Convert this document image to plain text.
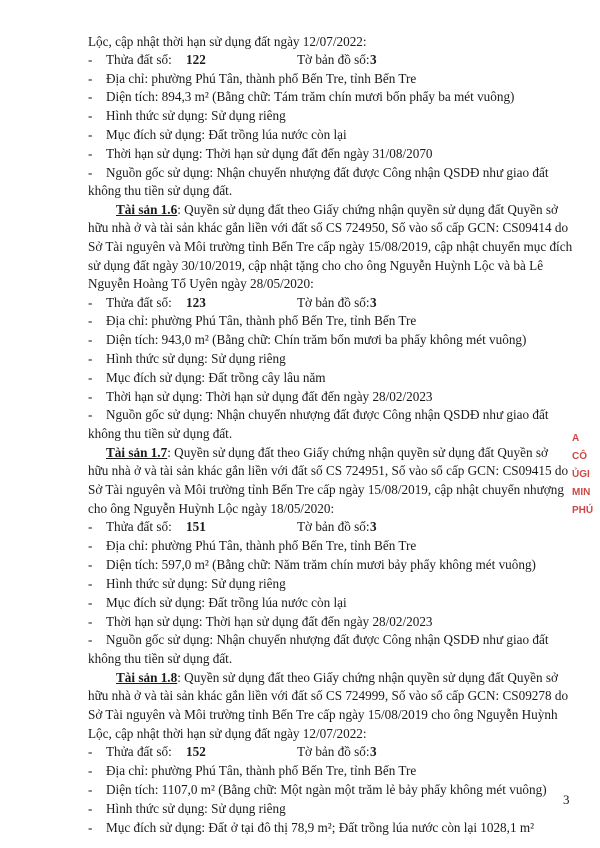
Lộc, cập nhật thời hạn sử dụng đất ngày 12/07/2022:
- Thửa đất số: 122	Tờ bản đồ số: 3
- Địa chỉ: phường Phú Tân, thành phố Bến Tre, tỉnh Bến Tre
- Diện tích: 894,3 m² (Bằng chữ: Tám trăm chín mươi bốn phẩy ba mét vuông)
- Hình thức sử dụng: Sử dụng riêng
- Mục đích sử dụng: Đất trồng lúa nước còn lại
- Thời hạn sử dụng: Thời hạn sử dụng đất đến ngày 31/08/2070
- Nguồn gốc sử dụng: Nhận chuyển nhượng đất được Công nhận QSDĐ như giao đất
không thu tiền sử dụng đất.
Tài sản 1.6: Quyền sử dụng đất theo Giấy chứng nhận quyền sử dụng đất Quyền sở
hữu nhà ở và tài sản khác gắn liền với đất số CS 724950, Số vào sổ cấp GCN: CS09414 do
Sở Tài nguyên và Môi trường tỉnh Bến Tre cấp ngày 15/08/2019, cập nhật chuyển mục đích
sử dụng đất ngày 30/10/2019, cập nhật tặng cho cho ông Nguyễn Huỳnh Lộc và bà Lê
Nguyễn Hoàng Tố Uyên ngày 28/05/2020:
- Thửa đất số: 123	Tờ bản đồ số: 3
- Địa chỉ: phường Phú Tân, thành phố Bến Tre, tỉnh Bến Tre
- Diện tích: 943,0 m² (Bằng chữ: Chín trăm bốn mươi ba phẩy không mét vuông)
- Hình thức sử dụng: Sử dụng riêng
- Mục đích sử dụng: Đất trồng cây lâu năm
- Thời hạn sử dụng: Thời hạn sử dụng đất đến ngày 28/02/2023
- Nguồn gốc sử dụng: Nhận chuyển nhượng đất được Công nhận QSDĐ như giao đất
không thu tiền sử dụng đất.
Tài sản 1.7: Quyền sử dụng đất theo Giấy chứng nhận quyền sử dụng đất Quyền sở
hữu nhà ở và tài sản khác gắn liền với đất số CS 724951, Số vào sổ cấp GCN: CS09415 do
Sở Tài nguyên và Môi trường tỉnh Bến Tre cấp ngày 15/08/2019, cập nhật chuyển nhượng
cho ông Nguyễn Huỳnh Lộc ngày 18/05/2020:
- Thửa đất số: 151	Tờ bản đồ số: 3
- Địa chỉ: phường Phú Tân, thành phố Bến Tre, tỉnh Bến Tre
- Diện tích: 597,0 m² (Bằng chữ: Năm trăm chín mươi bảy phẩy không mét vuông)
- Hình thức sử dụng: Sử dụng riêng
- Mục đích sử dụng: Đất trồng lúa nước còn lại
- Thời hạn sử dụng: Thời hạn sử dụng đất đến ngày 28/02/2023
- Nguồn gốc sử dụng: Nhận chuyển nhượng đất được Công nhận QSDĐ như giao đất
không thu tiền sử dụng đất.
Tài sản 1.8: Quyền sử dụng đất theo Giấy chứng nhận quyền sử dụng đất Quyền sở
hữu nhà ở và tài sản khác gắn liền với đất số CS 724999, Số vào sổ cấp GCN: CS09278 do
Sở Tài nguyên và Môi trường tỉnh Bến Tre cấp ngày 15/08/2019 cho ông Nguyễn Huỳnh
Lộc, cập nhật thời hạn sử dụng đất ngày 12/07/2022:
- Thửa đất số: 152	Tờ bản đồ số: 3
- Địa chỉ: phường Phú Tân, thành phố Bến Tre, tỉnh Bến Tre
- Diện tích: 1107,0 m² (Bằng chữ: Một ngàn một trăm lẻ bảy phẩy không mét vuông)
- Hình thức sử dụng: Sử dụng riêng
- Mục đích sử dụng: Đất ở tại đô thị 78,9 m²; Đất trồng lúa nước còn lại 1028,1 m²
A
CÔ
ỦGI
MIN
PHÚ
3
